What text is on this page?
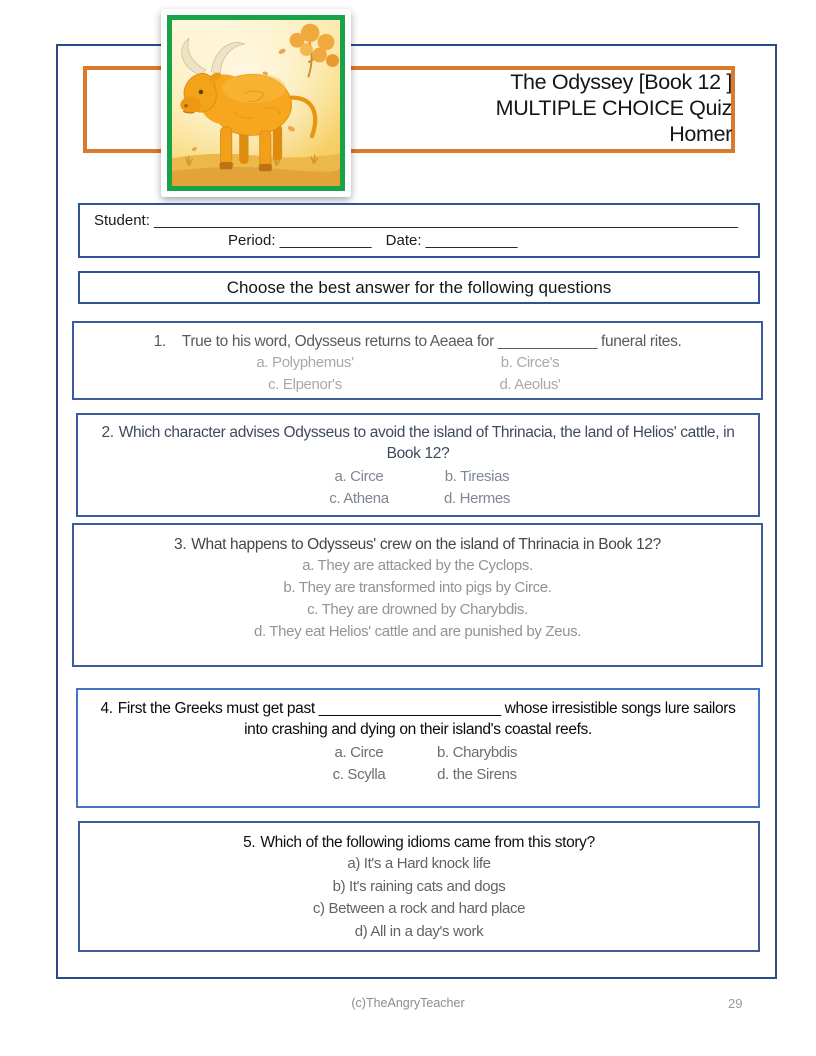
The Odyssey [Book 12 ]
MULTIPLE CHOICE Quiz
Homer
Student: ______________________________________________________________________
Period: ___________ Date: ___________
Choose the best answer for the following questions
1. True to his word, Odysseus returns to Aeaea for ____________ funeral rites.
a. Polyphemus'	b. Circe's
c. Elpenor's	d. Aeolus'
2. Which character advises Odysseus to avoid the island of Thrinacia, the land of Helios' cattle, in Book 12?
a. Circe	b. Tiresias
c. Athena	d. Hermes
3. What happens to Odysseus' crew on the island of Thrinacia in Book 12?
a. They are attacked by the Cyclops.
b. They are transformed into pigs by Circe.
c. They are drowned by Charybdis.
d. They eat Helios' cattle and are punished by Zeus.
4. First the Greeks must get past ______________________ whose irresistible songs lure sailors into crashing and dying on their island's coastal reefs.
a. Circe	b. Charybdis
c. Scylla	d. the Sirens
5. Which of the following idioms came from this story?
a) It's a Hard knock life
b) It's raining cats and dogs
c) Between a rock and hard place
d) All in a day's work
(c)TheAngryTeacher	29
